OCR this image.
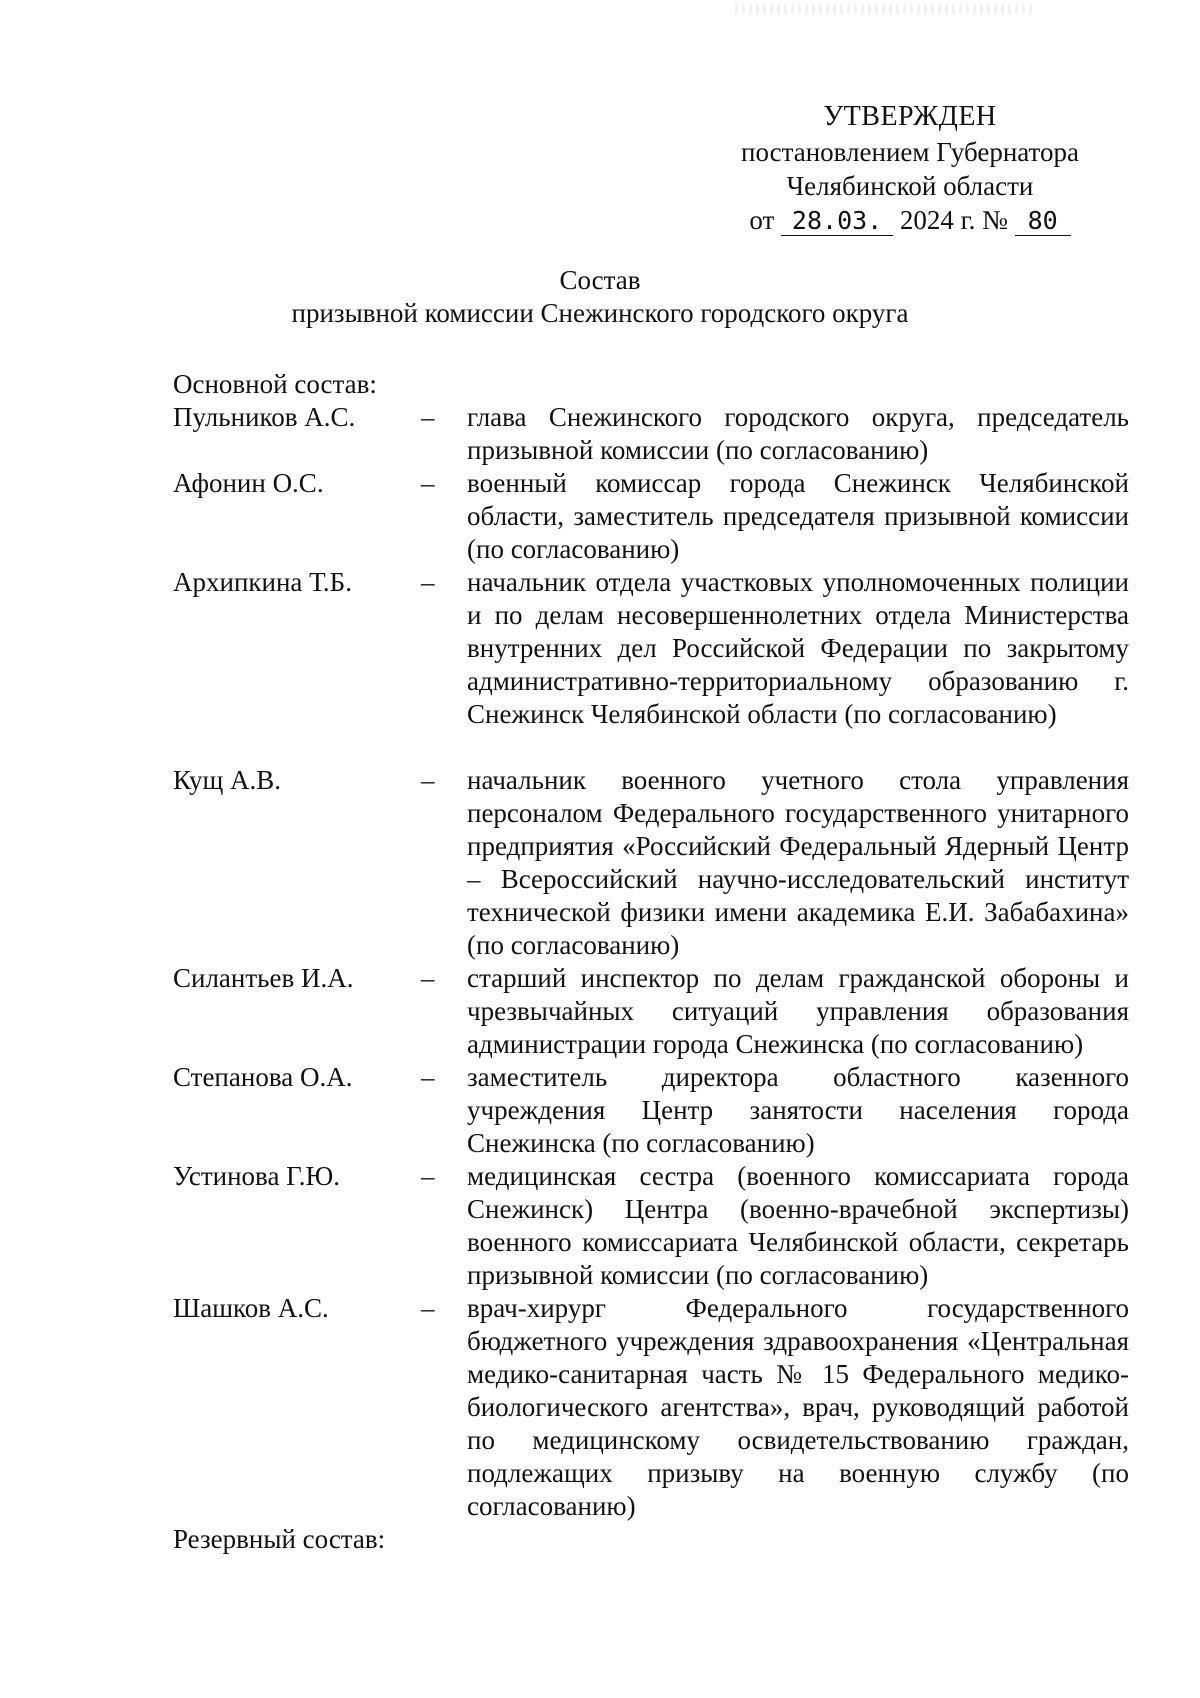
УТВЕРЖДЕН
постановлением Губернатора
Челябинской области
от 28.03. 2024 г. № 80
Состав
призывной комиссии Снежинского городского округа
Основной состав:
Пульников А.С.	–	глава Снежинского городского округа, председатель призывной комиссии (по согласованию)
Афонин О.С.	–	военный комиссар города Снежинск Челябинской области, заместитель председателя призывной комиссии (по согласованию)
Архипкина Т.Б.	–	начальник отдела участковых уполномоченных полиции и по делам несовершеннолетних отдела Министерства внутренних дел Российской Федерации по закрытому административно-территориальному образованию г. Снежинск Челябинской области (по согласованию)
Кущ А.В.	–	начальник военного учетного стола управления персоналом Федерального государственного унитарного предприятия «Российский Федеральный Ядерный Центр – Всероссийский научно-исследовательский институт технической физики имени академика Е.И. Забабахина» (по согласованию)
Силантьев И.А.	–	старший инспектор по делам гражданской обороны и чрезвычайных ситуаций управления образования администрации города Снежинска (по согласованию)
Степанова О.А.	–	заместитель директора областного казенного учреждения Центр занятости населения города Снежинска (по согласованию)
Устинова Г.Ю.	–	медицинская сестра (военного комиссариата города Снежинск) Центра (военно-врачебной экспертизы) военного комиссариата Челябинской области, секретарь призывной комиссии (по согласованию)
Шашков А.С.	–	врач-хирург Федерального государственного бюджетного учреждения здравоохранения «Центральная медико-санитарная часть № 15 Федерального медико-биологического агентства», врач, руководящий работой по медицинскому освидетельствованию граждан, подлежащих призыву на военную службу (по согласованию)
Резервный состав:
